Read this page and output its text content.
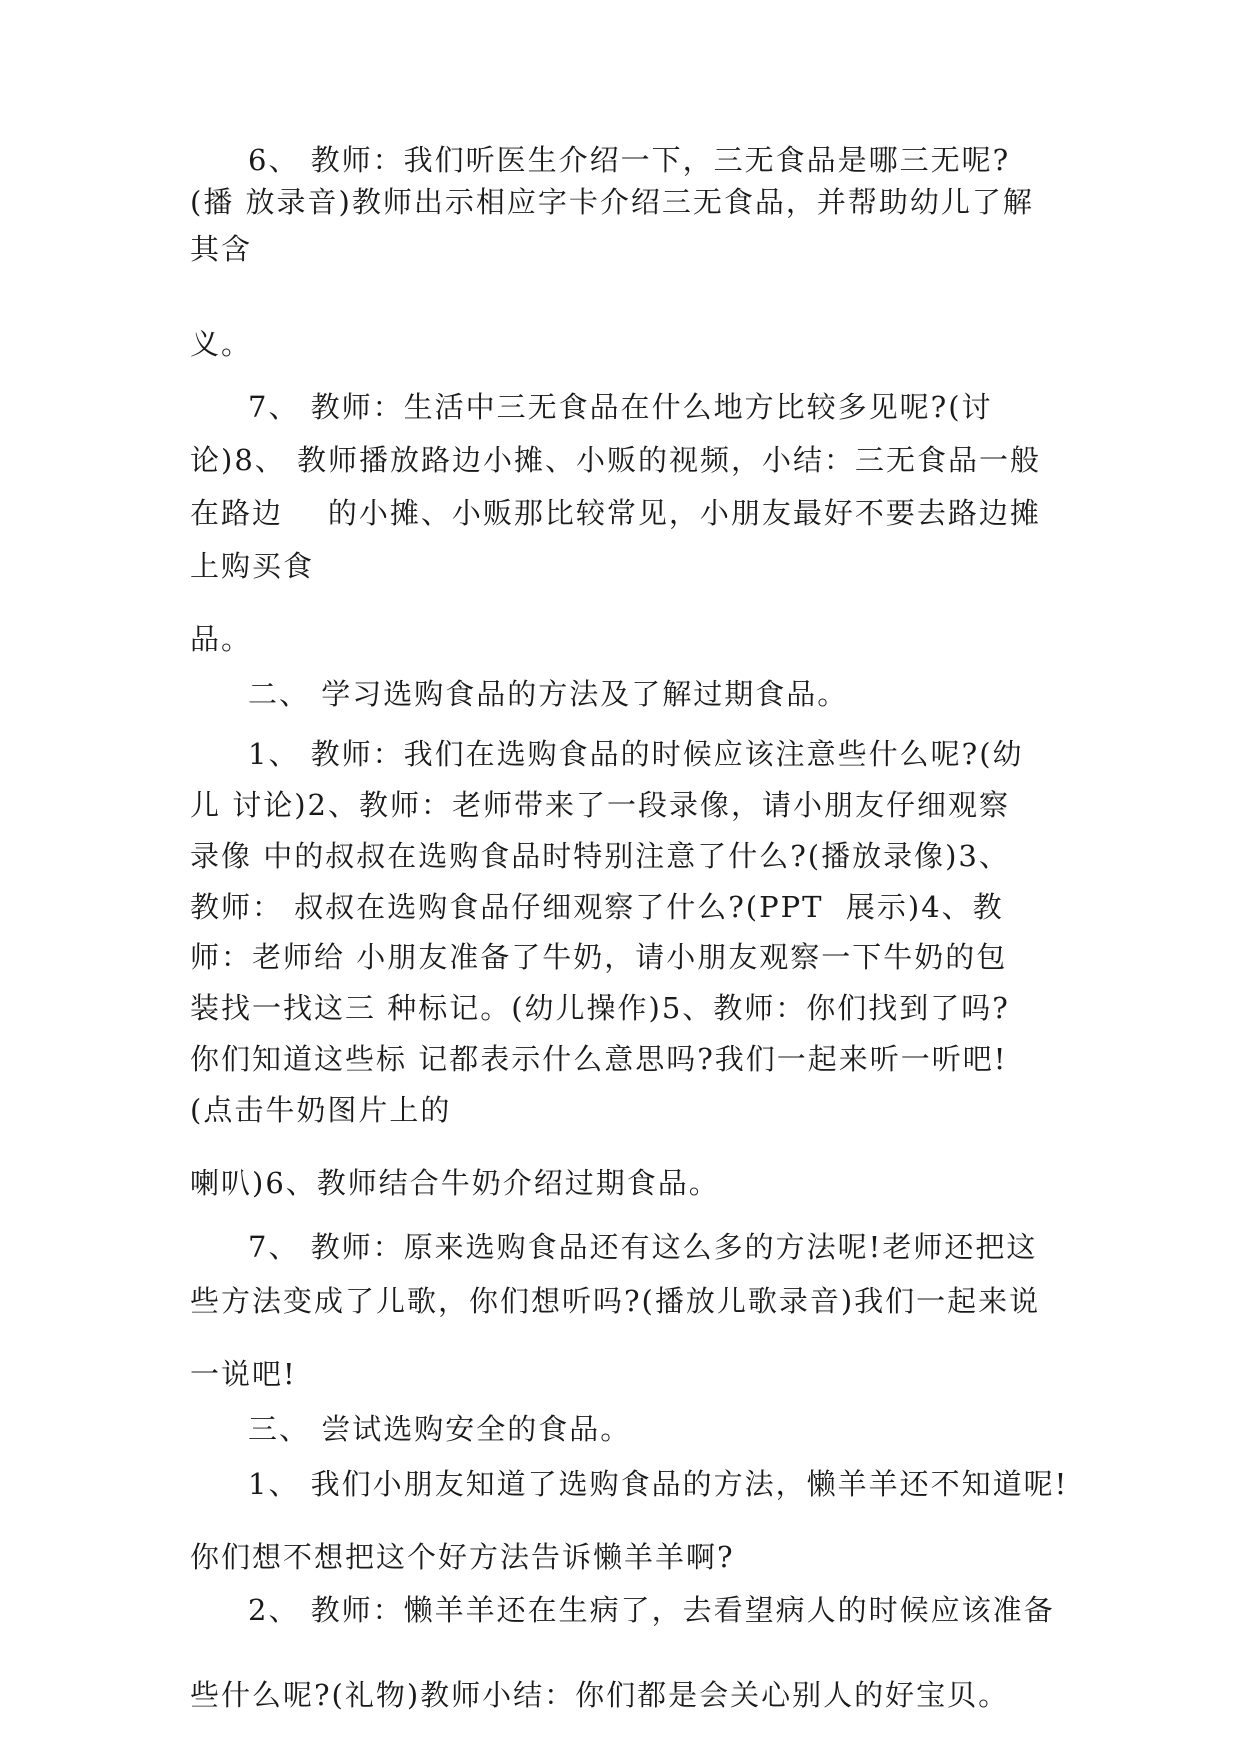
6、 教师：我们听医生介绍一下，三无食品是哪三无呢?
(播 放录音)教师出示相应字卡介绍三无食品，并帮助幼儿了解
其含
义。
7、 教师：生活中三无食品在什么地方比较多见呢?(讨
论)8、 教师播放路边小摊、小贩的视频，小结：三无食品一般
在路边    的小摊、小贩那比较常见，小朋友最好不要去路边摊
上购买食
品。
二、 学习选购食品的方法及了解过期食品。
1、 教师：我们在选购食品的时候应该注意些什么呢?(幼
儿 讨论)2、教师：老师带来了一段录像，请小朋友仔细观察
录像 中的叔叔在选购食品时特别注意了什么?(播放录像)3、
教师： 叔叔在选购食品仔细观察了什么?(PPT  展示)4、教
师：老师给 小朋友准备了牛奶，请小朋友观察一下牛奶的包
装找一找这三 种标记。(幼儿操作)5、教师：你们找到了吗?
你们知道这些标 记都表示什么意思吗?我们一起来听一听吧!
(点击牛奶图片上的
喇叭)6、教师结合牛奶介绍过期食品。
7、 教师：原来选购食品还有这么多的方法呢!老师还把这
些方法变成了儿歌，你们想听吗?(播放儿歌录音)我们一起来说
一说吧!
三、 尝试选购安全的食品。
1、 我们小朋友知道了选购食品的方法，懒羊羊还不知道呢!
你们想不想把这个好方法告诉懒羊羊啊?
2、 教师：懒羊羊还在生病了，去看望病人的时候应该准备
些什么呢?(礼物)教师小结：你们都是会关心别人的好宝贝。
